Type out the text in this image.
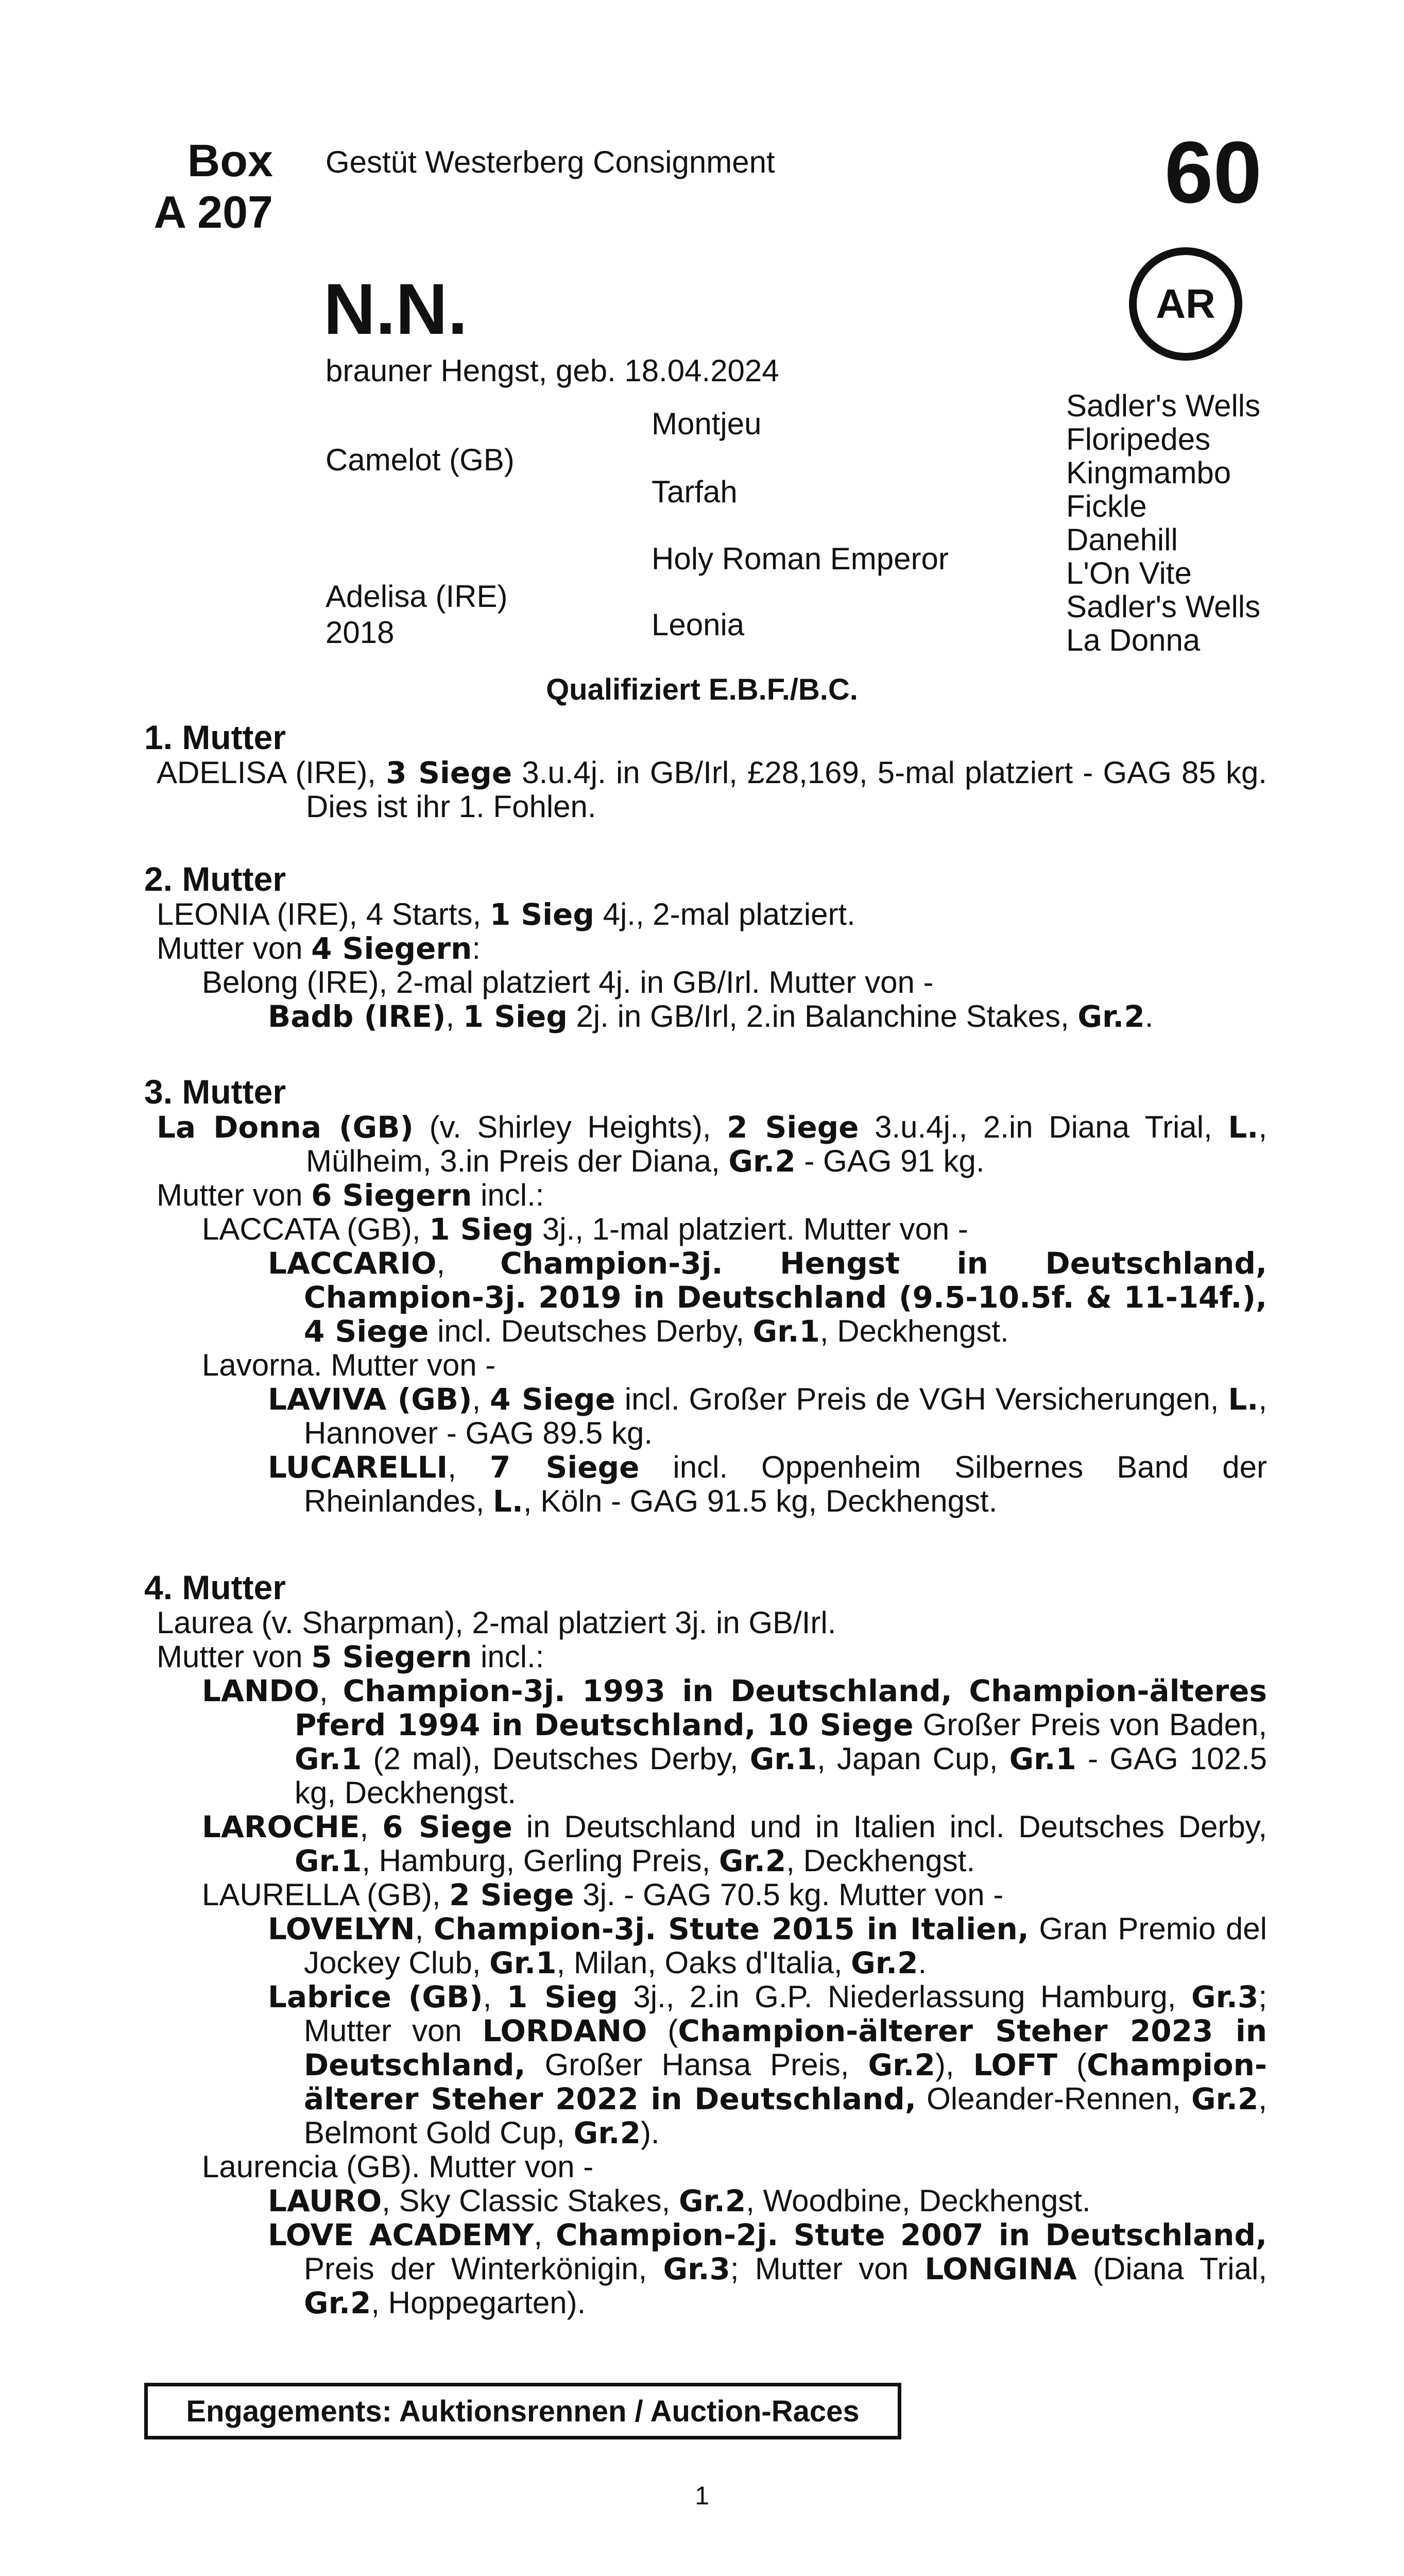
Box
A 207
Gestüt Westerberg Consignment	60
AR
N.N.
brauner Hengst, geb. 18.04.2024
Camelot (GB)
Adelisa (IRE)
2018
Montjeu
Tarfah
Holy Roman Emperor
Leonia
Sadler's Wells
Floripedes
Kingmambo
Fickle
Danehill
L'On Vite
Sadler's Wells
La Donna
Qualifiziert E.B.F./B.C.
1. Mutter
ADELISA (IRE), 3 Siege 3.u.4j. in GB/Irl, £28,169, 5-mal platziert - GAG 85 kg. Dies ist ihr 1. Fohlen.
2. Mutter
LEONIA (IRE), 4 Starts, 1 Sieg 4j., 2-mal platziert.
Mutter von 4 Siegern:
Belong (IRE), 2-mal platziert 4j. in GB/Irl. Mutter von -
Badb (IRE), 1 Sieg 2j. in GB/Irl, 2.in Balanchine Stakes, Gr.2.
3. Mutter
La Donna (GB) (v. Shirley Heights), 2 Siege 3.u.4j., 2.in Diana Trial, L., Mülheim, 3.in Preis der Diana, Gr.2 - GAG 91 kg.
Mutter von 6 Siegern incl.:
LACCATA (GB), 1 Sieg 3j., 1-mal platziert. Mutter von -
LACCARIO, Champion-3j. Hengst in Deutschland, Champion-3j. 2019 in Deutschland (9.5-10.5f. & 11-14f.), 4 Siege incl. Deutsches Derby, Gr.1, Deckhengst.
Lavorna. Mutter von -
LAVIVA (GB), 4 Siege incl. Großer Preis de VGH Versicherungen, L., Hannover - GAG 89.5 kg.
LUCARELLI, 7 Siege incl. Oppenheim Silbernes Band der Rheinlandes, L., Köln - GAG 91.5 kg, Deckhengst.
4. Mutter
Laurea (v. Sharpman), 2-mal platziert 3j. in GB/Irl.
Mutter von 5 Siegern incl.:
LANDO, Champion-3j. 1993 in Deutschland, Champion-älteres Pferd 1994 in Deutschland, 10 Siege Großer Preis von Baden, Gr.1 (2 mal), Deutsches Derby, Gr.1, Japan Cup, Gr.1 - GAG 102.5 kg, Deckhengst.
LAROCHE, 6 Siege in Deutschland und in Italien incl. Deutsches Derby, Gr.1, Hamburg, Gerling Preis, Gr.2, Deckhengst.
LAURELLA (GB), 2 Siege 3j. - GAG 70.5 kg. Mutter von -
LOVELYN, Champion-3j. Stute 2015 in Italien, Gran Premio del Jockey Club, Gr.1, Milan, Oaks d'Italia, Gr.2.
Labrice (GB), 1 Sieg 3j., 2.in G.P. Niederlassung Hamburg, Gr.3; Mutter von LORDANO (Champion-älterer Steher 2023 in Deutschland, Großer Hansa Preis, Gr.2), LOFT (Champion-älterer Steher 2022 in Deutschland, Oleander-Rennen, Gr.2, Belmont Gold Cup, Gr.2).
Laurencia (GB). Mutter von -
LAURO, Sky Classic Stakes, Gr.2, Woodbine, Deckhengst.
LOVE ACADEMY, Champion-2j. Stute 2007 in Deutschland, Preis der Winterkönigin, Gr.3; Mutter von LONGINA (Diana Trial, Gr.2, Hoppegarten).
Engagements: Auktionsrennen / Auction-Races
1
